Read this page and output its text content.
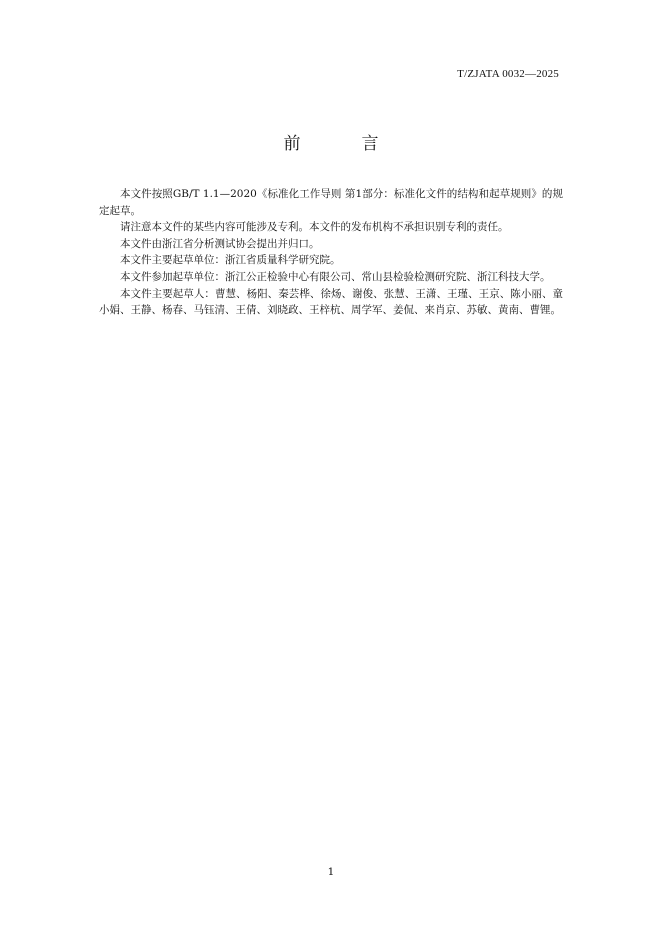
T/ZJATA 0032—2025
前　言

本文件按照GB/T 1.1—2020《标准化工作导则 第1部分：标准化文件的结构和起草规则》的规定起草。

请注意本文件的某些内容可能涉及专利。本文件的发布机构不承担识别专利的责任。

本文件由浙江省分析测试协会提出并归口。

本文件主要起草单位：浙江省质量科学研究院。

本文件参加起草单位：浙江公正检验中心有限公司、常山县检验检测研究院、浙江科技大学。

本文件主要起草人：曹慧、杨阳、秦芸桦、徐炀、谢俊、张慧、王潇、王瑾、王京、陈小丽、童小娟、王静、杨春、马钰清、王倩、刘晓政、王梓杭、周学军、姜侃、来肖京、苏敏、黄南、曹锂。

1
